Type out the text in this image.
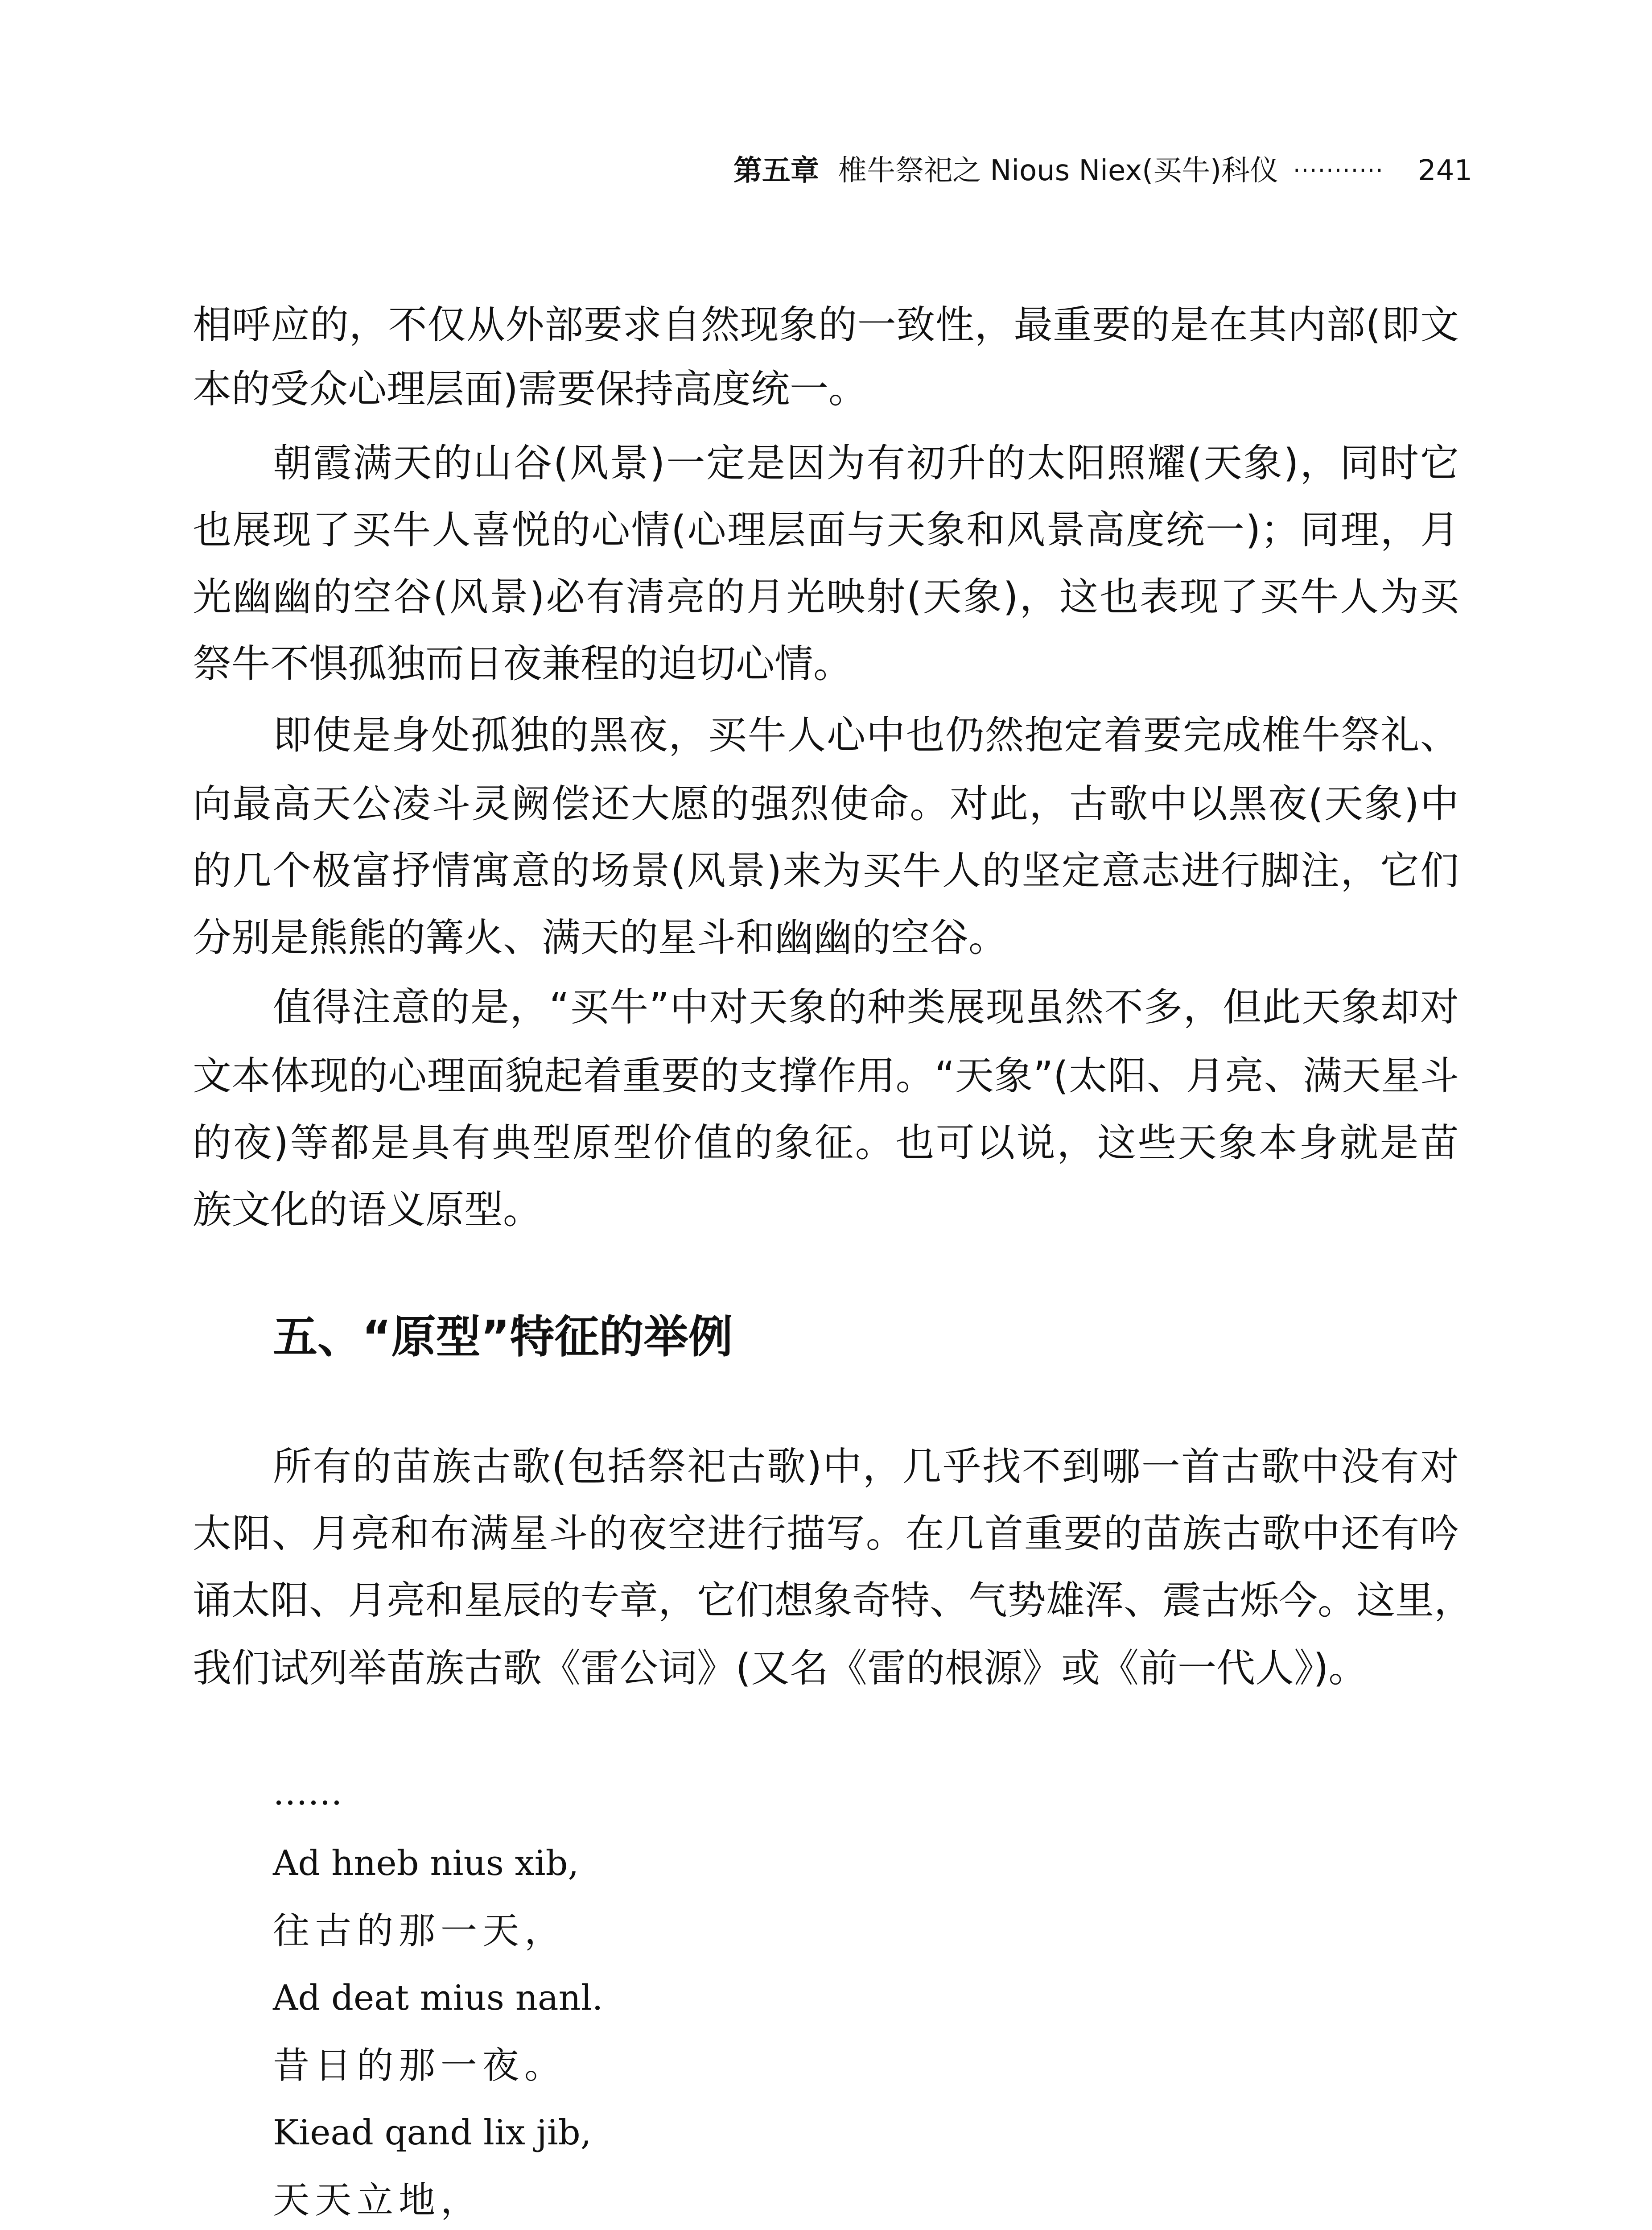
第五章 椎牛祭祀之 Nious Niex(买牛)科仪 ··········· 241
相呼应的，不仅从外部要求自然现象的一致性，最重要的是在其内部(即文
本的受众心理层面)需要保持高度统一。
朝霞满天的山谷(风景)一定是因为有初升的太阳照耀(天象)，同时它
也展现了买牛人喜悦的心情(心理层面与天象和风景高度统一)；同理，月
光幽幽的空谷(风景)必有清亮的月光映射(天象)，这也表现了买牛人为买
祭牛不惧孤独而日夜兼程的迫切心情。
即使是身处孤独的黑夜，买牛人心中也仍然抱定着要完成椎牛祭礼、
向最高天公凌斗灵阙偿还大愿的强烈使命。对此，古歌中以黑夜(天象)中
的几个极富抒情寓意的场景(风景)来为买牛人的坚定意志进行脚注，它们
分别是熊熊的篝火、满天的星斗和幽幽的空谷。
值得注意的是，“买牛”中对天象的种类展现虽然不多，但此天象却对
文本体现的心理面貌起着重要的支撑作用。“天象”(太阳、月亮、满天星斗
的夜)等都是具有典型原型价值的象征。也可以说，这些天象本身就是苗
族文化的语义原型。
五、“原型”特征的举例
所有的苗族古歌(包括祭祀古歌)中，几乎找不到哪一首古歌中没有对
太阳、月亮和布满星斗的夜空进行描写。在几首重要的苗族古歌中还有吟
诵太阳、月亮和星辰的专章，它们想象奇特、气势雄浑、震古烁今。这里，
我们试列举苗族古歌《雷公词》(又名《雷的根源》或《前一代人》)。
……
Ad hneb nius xib,
往古的那一天，
Ad deat mius nanl.
昔日的那一夜。
Kiead qand lix jib,
天天立地，
